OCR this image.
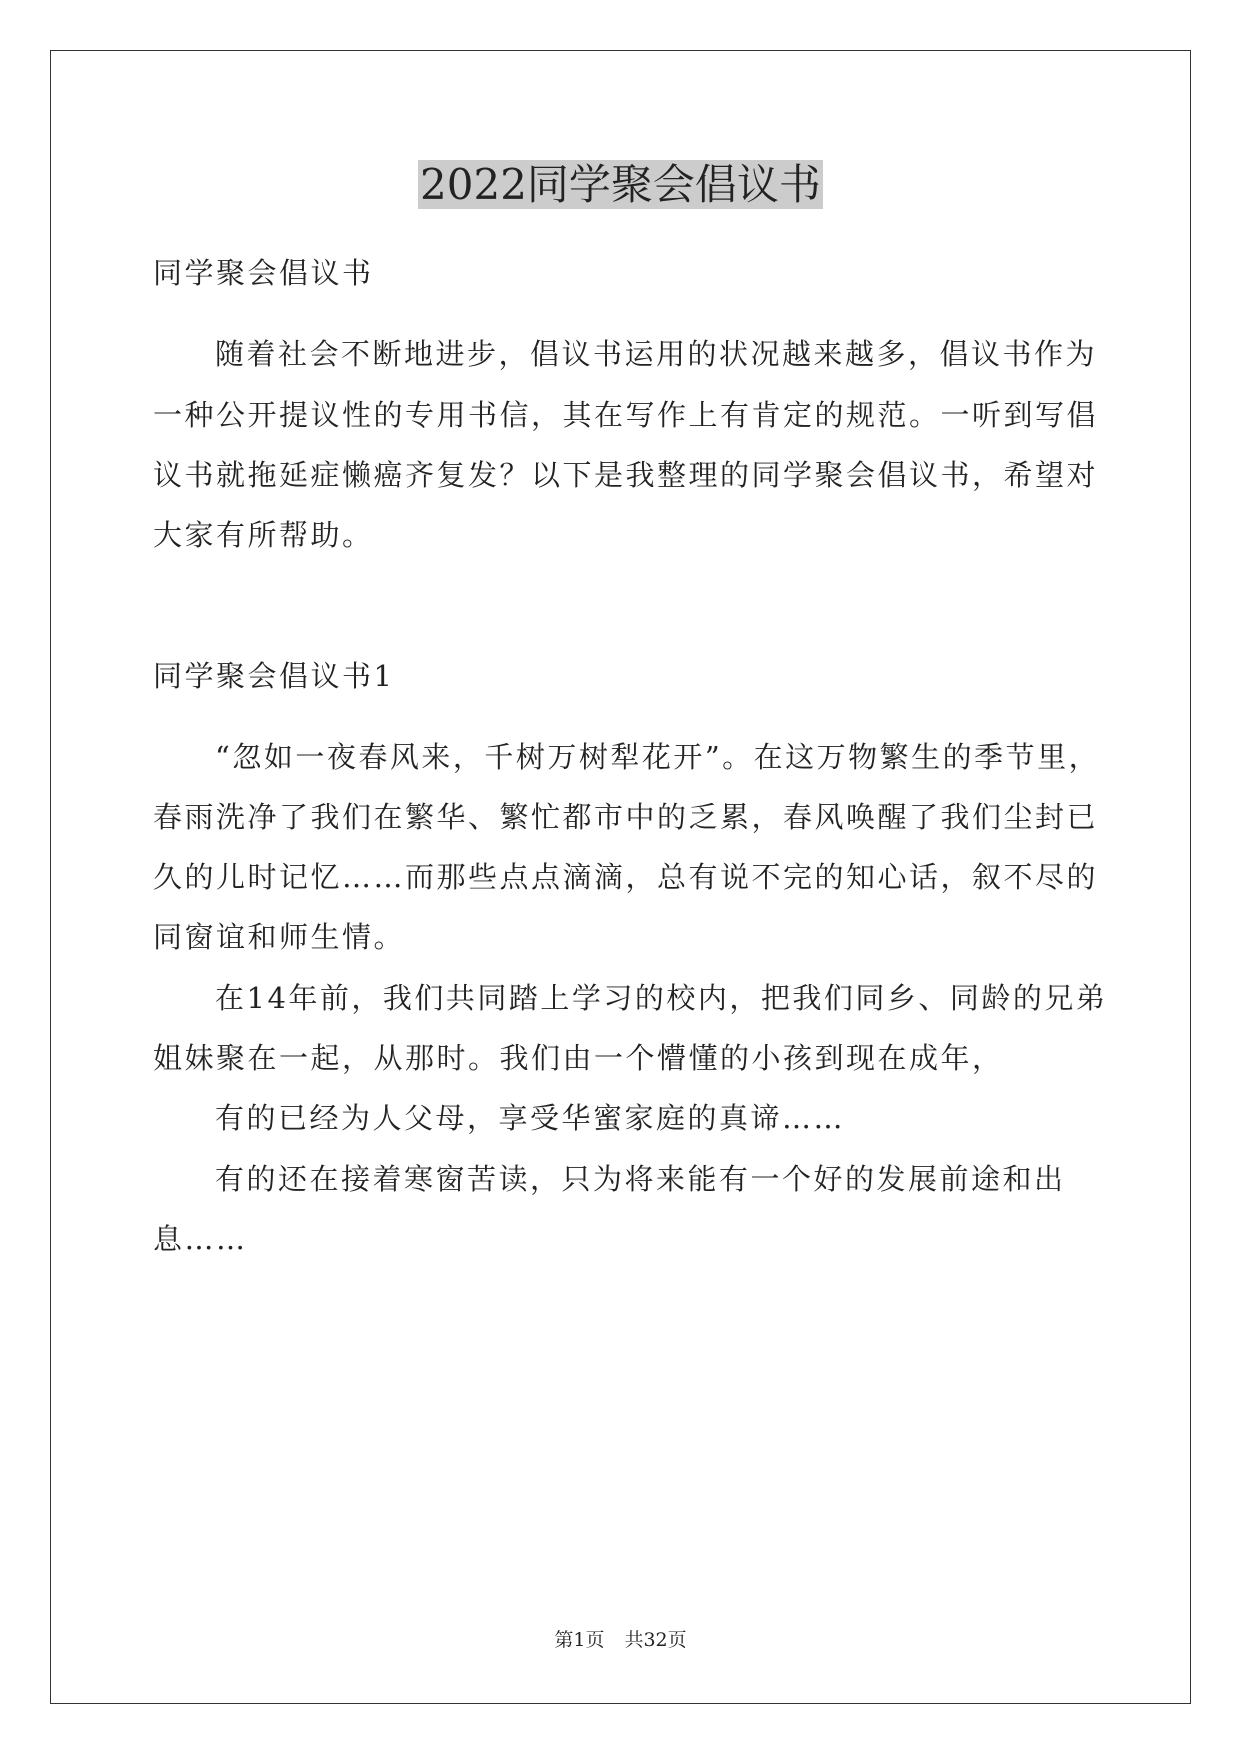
2022同学聚会倡议书
同学聚会倡议书
随着社会不断地进步，倡议书运用的状况越来越多，倡议书作为
一种公开提议性的专用书信，其在写作上有肯定的规范。一听到写倡
议书就拖延症懒癌齐复发？以下是我整理的同学聚会倡议书，希望对
大家有所帮助。
同学聚会倡议书1
“忽如一夜春风来，千树万树犁花开”。在这万物繁生的季节里，
春雨洗净了我们在繁华、繁忙都市中的乏累，春风唤醒了我们尘封已
久的儿时记忆……而那些点点滴滴，总有说不完的知心话，叙不尽的
同窗谊和师生情。
在14年前，我们共同踏上学习的校内，把我们同乡、同龄的兄弟
姐妹聚在一起，从那时。我们由一个懵懂的小孩到现在成年，
有的已经为人父母，享受华蜜家庭的真谛……
有的还在接着寒窗苦读，只为将来能有一个好的发展前途和出
息……
第1页 共32页
